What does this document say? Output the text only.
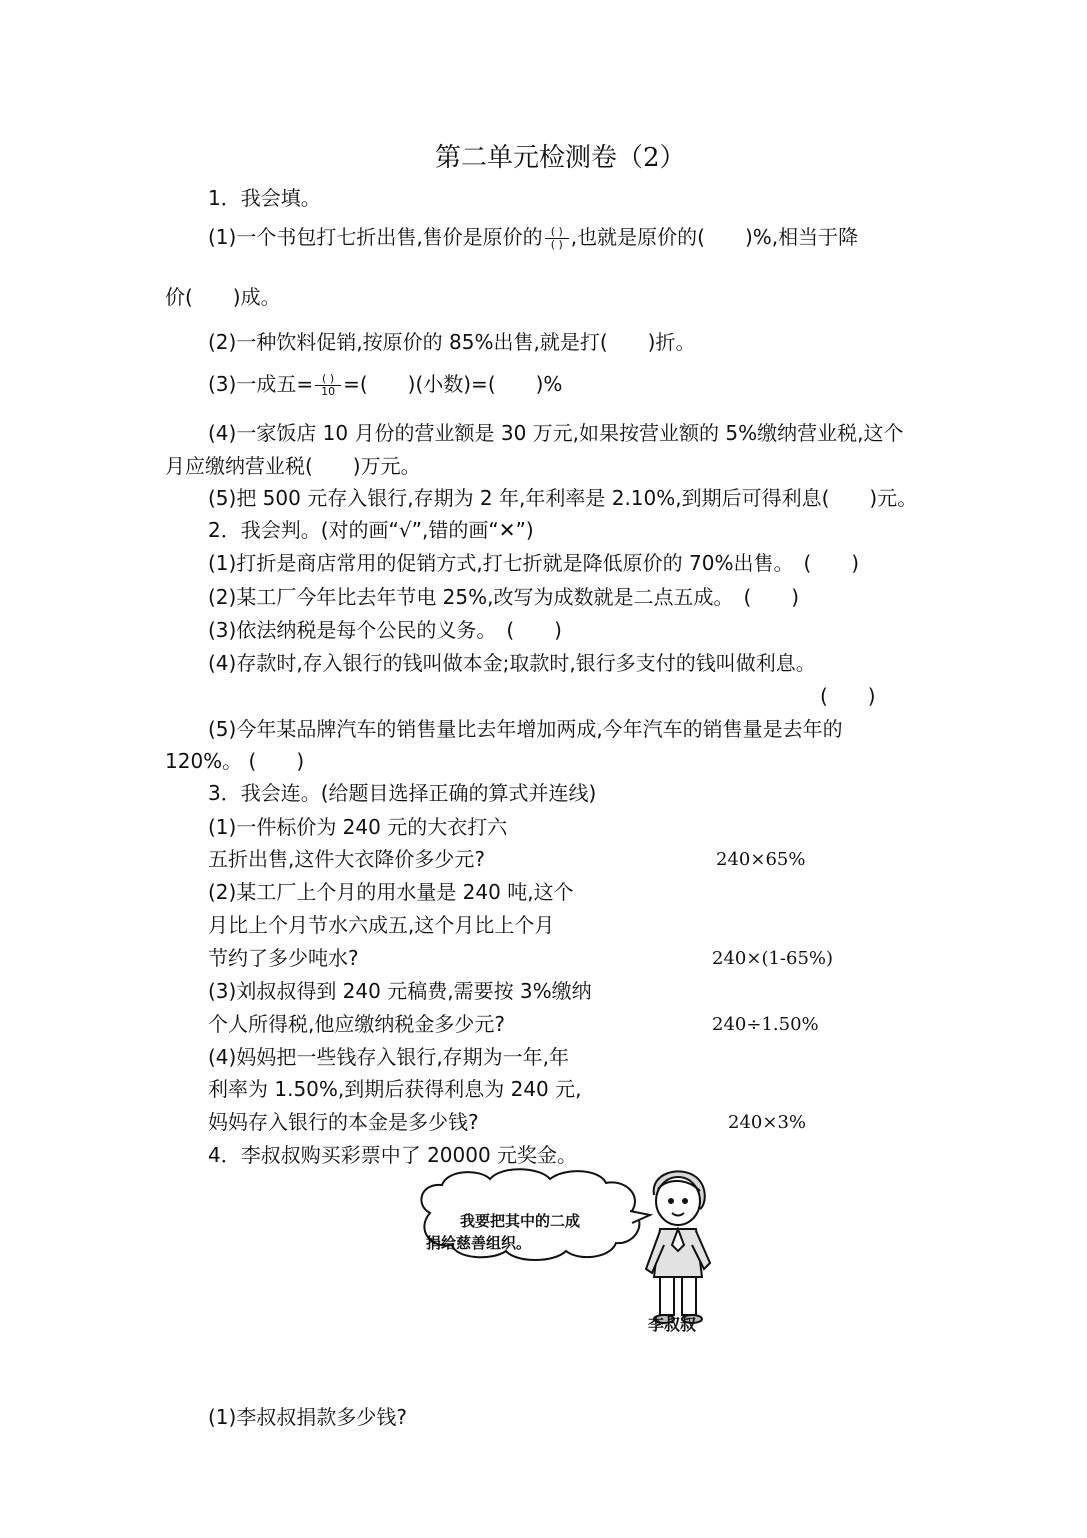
第二单元检测卷（2）
1．我会填。
(1)一个书包打七折出售,售价是原价的 $\frac{( )}{( )}$ ,也就是原价的(　　)%,相当于降
价(　　)成。
(2)一种饮料促销,按原价的 85%出售,就是打(　　)折。
(3)一成五= $\frac{( )}{10}$ =(　　)(小数)=(　　)%
(4)一家饭店 10 月份的营业额是 30 万元,如果按营业额的 5%缴纳营业税,这个
月应缴纳营业税(　　)万元。
(5)把 500 元存入银行,存期为 2 年,年利率是 2.10%,到期后可得利息(　　)元。
2．我会判。(对的画“√”,错的画“✕”)
(1)打折是商店常用的促销方式,打七折就是降低原价的 70%出售。　(　　)
(2)某工厂今年比去年节电 25%,改写为成数就是二点五成。　(　　)
(3)依法纳税是每个公民的义务。　(　　)
(4)存款时,存入银行的钱叫做本金;取款时,银行多支付的钱叫做利息。
(　　)
(5)今年某品牌汽车的销售量比去年增加两成,今年汽车的销售量是去年的
120%。 (　　)
3．我会连。(给题目选择正确的算式并连线)
(1)一件标价为 240 元的大衣打六
五折出售,这件大衣降价多少元?
(2)某工厂上个月的用水量是 240 吨,这个
月比上个月节水六成五,这个月比上个月
节约了多少吨水?
(3)刘叔叔得到 240 元稿费,需要按 3%缴纳
个人所得税,他应缴纳税金多少元?
(4)妈妈把一些钱存入银行,存期为一年,年
利率为 1.50%,到期后获得利息为 240 元,
妈妈存入银行的本金是多少钱?
240×65%
240×(1-65%)
240÷1.50%
240×3%
4．李叔叔购买彩票中了 20000 元奖金。
我要把其中的二成
捐给慈善组织。
李叔叔
(1)李叔叔捐款多少钱?
